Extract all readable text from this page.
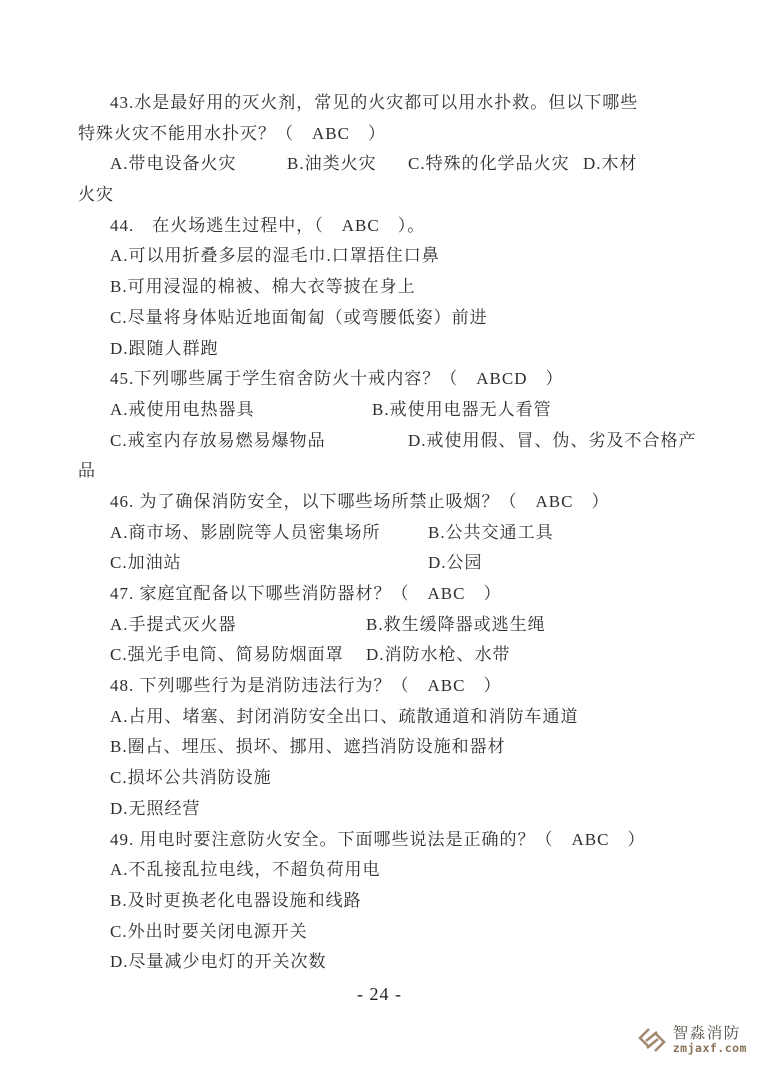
43.水是最好用的灭火剂，常见的火灾都可以用水扑救。但以下哪些
特殊火灾不能用水扑灭？（　ABC　）
A.带电设备火灾	B.油类火灾 C.特殊的化学品火灾 D.木材
火灾
44.　在火场逃生过程中，（　ABC　）。
A.可以用折叠多层的湿毛巾.口罩捂住口鼻
B.可用浸湿的棉被、棉大衣等披在身上
C.尽量将身体贴近地面匍匐（或弯腰低姿）前进
D.跟随人群跑
45.下列哪些属于学生宿舍防火十戒内容？（　ABCD　）
A.戒使用电热器具	B.戒使用电器无人看管
C.戒室内存放易燃易爆物品	D.戒使用假、冒、伪、劣及不合格产
品
46. 为了确保消防安全，以下哪些场所禁止吸烟？（　ABC　）
A.商市场、影剧院等人员密集场所	B.公共交通工具
C.加油站	D.公园
47. 家庭宜配备以下哪些消防器材？（　ABC　）
A.手提式灭火器	B.救生缓降器或逃生绳
C.强光手电筒、简易防烟面罩 D.消防水枪、水带
48. 下列哪些行为是消防违法行为？（　ABC　）
A.占用、堵塞、封闭消防安全出口、疏散通道和消防车通道
B.圈占、埋压、损坏、挪用、遮挡消防设施和器材
C.损坏公共消防设施
D.无照经营
49. 用电时要注意防火安全。下面哪些说法是正确的？（　ABC　）
A.不乱接乱拉电线，不超负荷用电
B.及时更换老化电器设施和线路
C.外出时要关闭电源开关
D.尽量减少电灯的开关次数
- 24 -
智淼消防
zmjaxf.com
